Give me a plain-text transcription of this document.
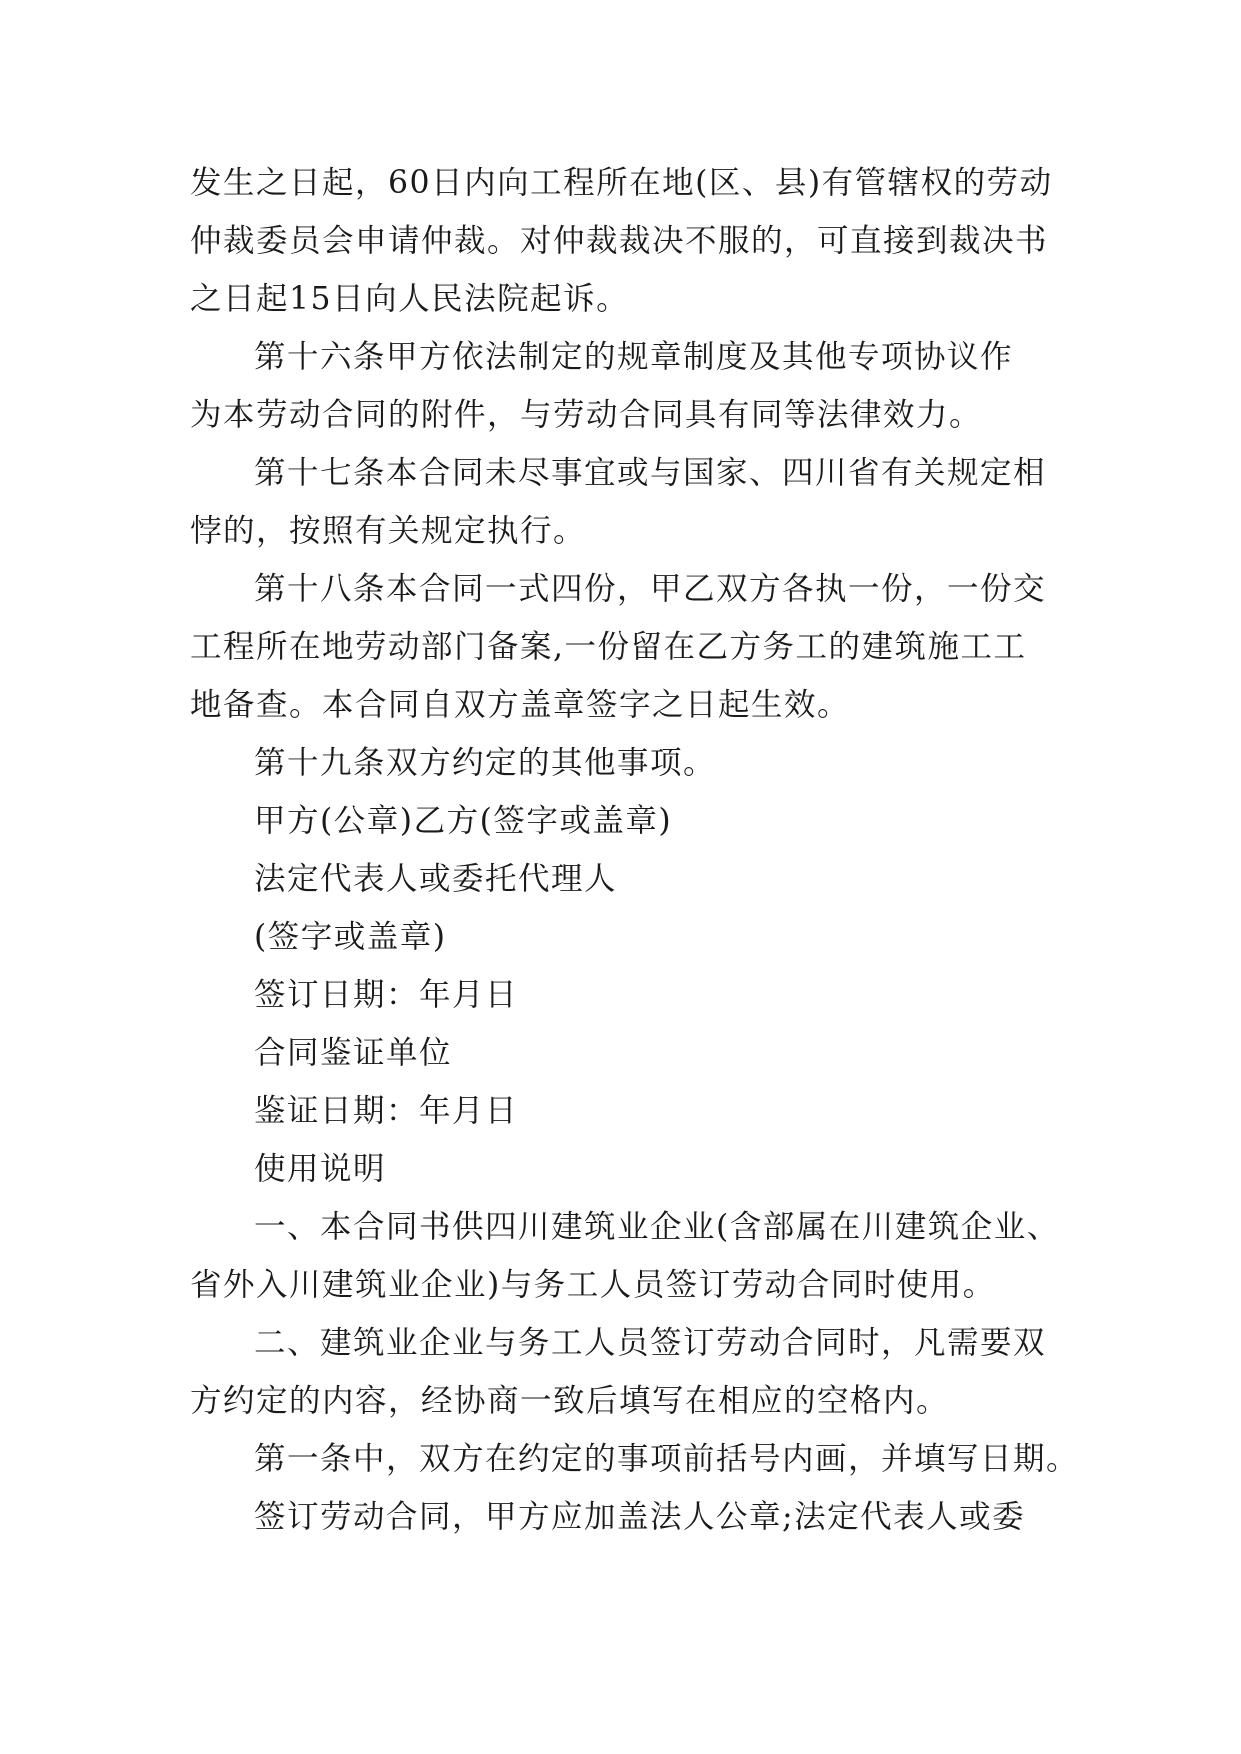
发生之日起，60日内向工程所在地(区、县)有管辖权的劳动
仲裁委员会申请仲裁。对仲裁裁决不服的，可直接到裁决书
之日起15日向人民法院起诉。
第十六条甲方依法制定的规章制度及其他专项协议作
为本劳动合同的附件，与劳动合同具有同等法律效力。
第十七条本合同未尽事宜或与国家、四川省有关规定相
悖的，按照有关规定执行。
第十八条本合同一式四份，甲乙双方各执一份，一份交
工程所在地劳动部门备案,一份留在乙方务工的建筑施工工
地备查。本合同自双方盖章签字之日起生效。
第十九条双方约定的其他事项。
甲方(公章)乙方(签字或盖章)
法定代表人或委托代理人
(签字或盖章)
签订日期：年月日
合同鉴证单位
鉴证日期：年月日
使用说明
一、本合同书供四川建筑业企业(含部属在川建筑企业、
省外入川建筑业企业)与务工人员签订劳动合同时使用。
二、建筑业企业与务工人员签订劳动合同时，凡需要双
方约定的内容，经协商一致后填写在相应的空格内。
第一条中，双方在约定的事项前括号内画，并填写日期。
签订劳动合同，甲方应加盖法人公章;法定代表人或委
